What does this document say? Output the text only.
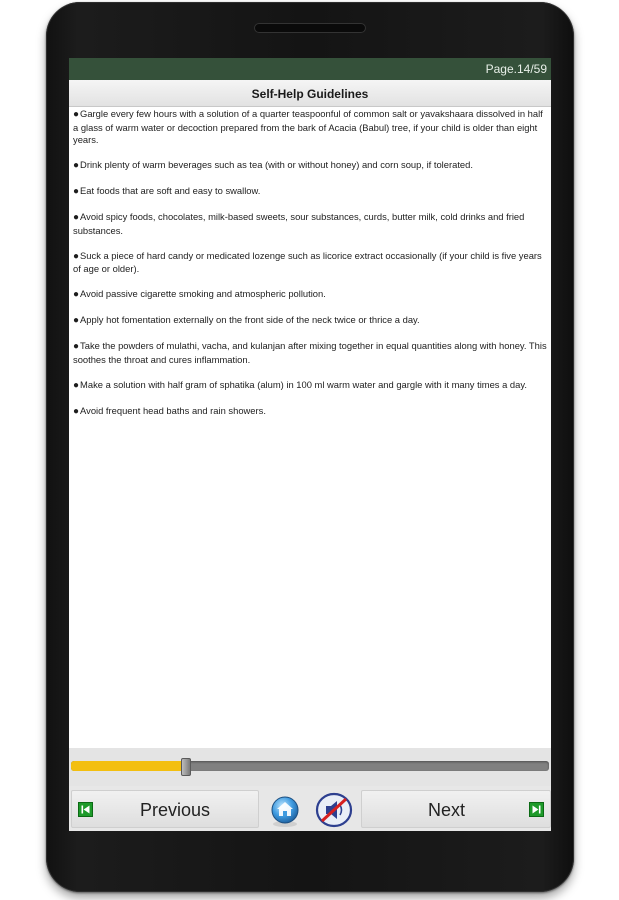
Page.14/59
Self-Help Guidelines
●Gargle every few hours with a solution of a quarter teaspoonful of common salt or yavakshaara dissolved in half a glass of warm water or decoction prepared from the bark of Acacia (Babul) tree, if your child is older than eight years.
●Drink plenty of warm beverages such as tea (with or without honey) and corn soup, if tolerated.
●Eat foods that are soft and easy to swallow.
●Avoid spicy foods, chocolates, milk-based sweets, sour substances, curds, butter milk, cold drinks and fried substances.
●Suck a piece of hard candy or medicated lozenge such as licorice extract occasionally (if your child is five years of age or older).
●Avoid passive cigarette smoking and atmospheric pollution.
●Apply hot fomentation externally on the front side of the neck twice or thrice a day.
●Take the powders of mulathi, vacha, and kulanjan after mixing together in equal quantities along with honey. This soothes the throat and cures inflammation.
●Make a solution with half gram of sphatika (alum) in 100 ml warm water and gargle with it many times a day.
●Avoid frequent head baths and rain showers.
Previous	Next
